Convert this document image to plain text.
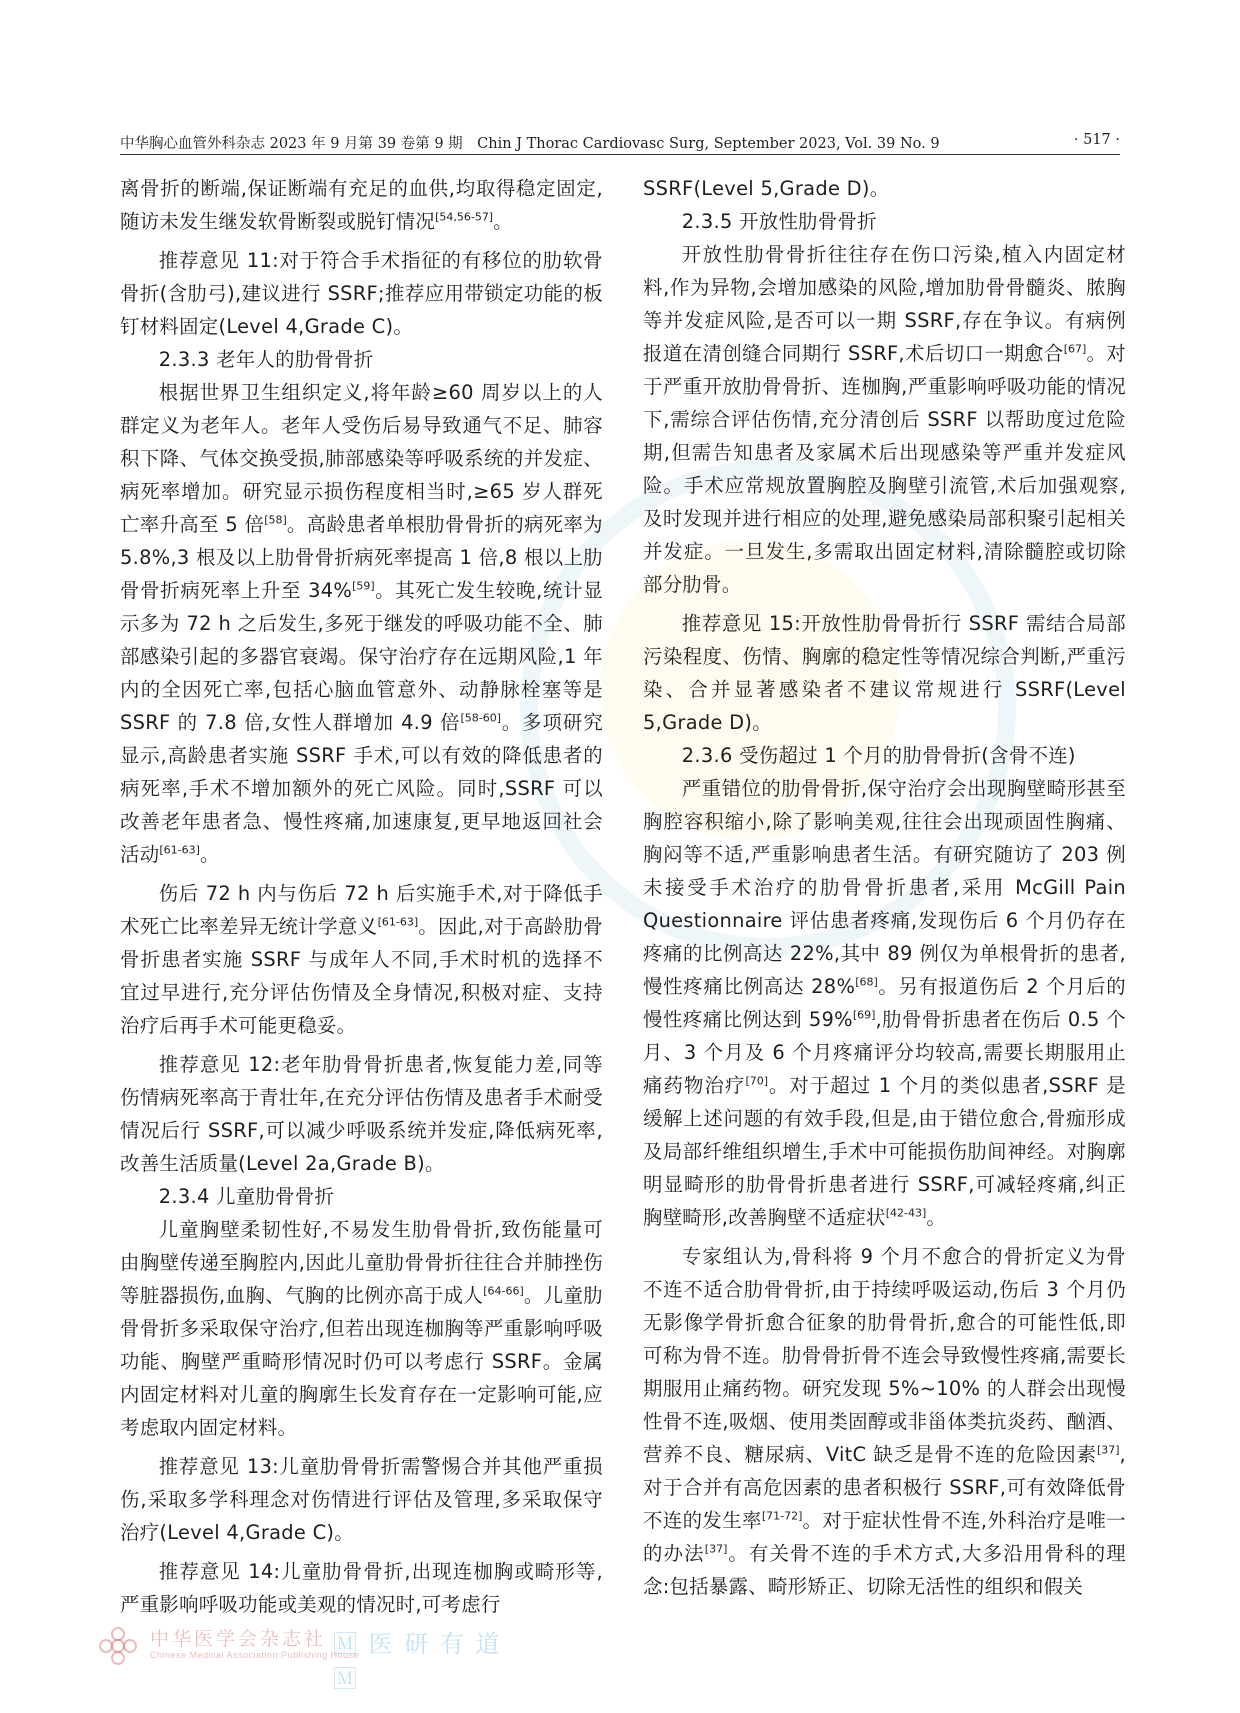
中华胸心血管外科杂志 2023 年 9 月第 39 卷第 9 期　Chin J Thorac Cardiovasc Surg, September 2023, Vol. 39 No. 9	· 517 ·

离骨折的断端,保证断端有充足的血供,均取得稳定固定,随访未发生继发软骨断裂或脱钉情况[54,56-57]。

推荐意见 11:对于符合手术指征的有移位的肋软骨骨折(含肋弓),建议进行 SSRF;推荐应用带锁定功能的板钉材料固定(Level 4,Grade C)。

2.3.3 老年人的肋骨骨折

根据世界卫生组织定义,将年龄≥60 周岁以上的人群定义为老年人。老年人受伤后易导致通气不足、肺容积下降、气体交换受损,肺部感染等呼吸系统的并发症、病死率增加。研究显示损伤程度相当时,≥65 岁人群死亡率升高至 5 倍[58]。高龄患者单根肋骨骨折的病死率为 5.8%,3 根及以上肋骨骨折病死率提高 1 倍,8 根以上肋骨骨折病死率上升至 34%[59]。其死亡发生较晚,统计显示多为 72 h 之后发生,多死于继发的呼吸功能不全、肺部感染引起的多器官衰竭。保守治疗存在远期风险,1 年内的全因死亡率,包括心脑血管意外、动静脉栓塞等是 SSRF 的 7.8 倍,女性人群增加 4.9 倍[58-60]。多项研究显示,高龄患者实施 SSRF 手术,可以有效的降低患者的病死率,手术不增加额外的死亡风险。同时,SSRF 可以改善老年患者急、慢性疼痛,加速康复,更早地返回社会活动[61-63]。

伤后 72 h 内与伤后 72 h 后实施手术,对于降低手术死亡比率差异无统计学意义[61-63]。因此,对于高龄肋骨骨折患者实施 SSRF 与成年人不同,手术时机的选择不宜过早进行,充分评估伤情及全身情况,积极对症、支持治疗后再手术可能更稳妥。

推荐意见 12:老年肋骨骨折患者,恢复能力差,同等伤情病死率高于青壮年,在充分评估伤情及患者手术耐受情况后行 SSRF,可以减少呼吸系统并发症,降低病死率,改善生活质量(Level 2a,Grade B)。

2.3.4 儿童肋骨骨折

儿童胸壁柔韧性好,不易发生肋骨骨折,致伤能量可由胸壁传递至胸腔内,因此儿童肋骨骨折往往合并肺挫伤等脏器损伤,血胸、气胸的比例亦高于成人[64-66]。儿童肋骨骨折多采取保守治疗,但若出现连枷胸等严重影响呼吸功能、胸壁严重畸形情况时仍可以考虑行 SSRF。金属内固定材料对儿童的胸廓生长发育存在一定影响可能,应考虑取内固定材料。

推荐意见 13:儿童肋骨骨折需警惕合并其他严重损伤,采取多学科理念对伤情进行评估及管理,多采取保守治疗(Level 4,Grade C)。

推荐意见 14:儿童肋骨骨折,出现连枷胸或畸形等,严重影响呼吸功能或美观的情况时,可考虑行

SSRF(Level 5,Grade D)。

2.3.5 开放性肋骨骨折

开放性肋骨骨折往往存在伤口污染,植入内固定材料,作为异物,会增加感染的风险,增加肋骨骨髓炎、脓胸等并发症风险,是否可以一期 SSRF,存在争议。有病例报道在清创缝合同期行 SSRF,术后切口一期愈合[67]。对于严重开放肋骨骨折、连枷胸,严重影响呼吸功能的情况下,需综合评估伤情,充分清创后 SSRF 以帮助度过危险期,但需告知患者及家属术后出现感染等严重并发症风险。手术应常规放置胸腔及胸壁引流管,术后加强观察,及时发现并进行相应的处理,避免感染局部积聚引起相关并发症。一旦发生,多需取出固定材料,清除髓腔或切除部分肋骨。

推荐意见 15:开放性肋骨骨折行 SSRF 需结合局部污染程度、伤情、胸廓的稳定性等情况综合判断,严重污染、合并显著感染者不建议常规进行 SSRF(Level 5,Grade D)。

2.3.6 受伤超过 1 个月的肋骨骨折(含骨不连)

严重错位的肋骨骨折,保守治疗会出现胸壁畸形甚至胸腔容积缩小,除了影响美观,往往会出现顽固性胸痛、胸闷等不适,严重影响患者生活。有研究随访了 203 例未接受手术治疗的肋骨骨折患者,采用 McGill Pain Questionnaire 评估患者疼痛,发现伤后 6 个月仍存在疼痛的比例高达 22%,其中 89 例仅为单根骨折的患者,慢性疼痛比例高达 28%[68]。另有报道伤后 2 个月后的慢性疼痛比例达到 59%[69],肋骨骨折患者在伤后 0.5 个月、3 个月及 6 个月疼痛评分均较高,需要长期服用止痛药物治疗[70]。对于超过 1 个月的类似患者,SSRF 是缓解上述问题的有效手段,但是,由于错位愈合,骨痂形成及局部纤维组织增生,手术中可能损伤肋间神经。对胸廓明显畸形的肋骨骨折患者进行 SSRF,可减轻疼痛,纠正胸壁畸形,改善胸壁不适症状[42-43]。

专家组认为,骨科将 9 个月不愈合的骨折定义为骨不连不适合肋骨骨折,由于持续呼吸运动,伤后 3 个月仍无影像学骨折愈合征象的肋骨骨折,愈合的可能性低,即可称为骨不连。肋骨骨折骨不连会导致慢性疼痛,需要长期服用止痛药物。研究发现 5%~10% 的人群会出现慢性骨不连,吸烟、使用类固醇或非甾体类抗炎药、酗酒、营养不良、糖尿病、VitC 缺乏是骨不连的危险因素[37],对于合并有高危因素的患者积极行 SSRF,可有效降低骨不连的发生率[71-72]。对于症状性骨不连,外科治疗是唯一的办法[37]。有关骨不连的手术方式,大多沿用骨科的理念:包括暴露、畸形矫正、切除无活性的组织和假关

中华医学会杂志社
Chinese Medical Association Publishing House
🄼 医 研 有 道 🄼
